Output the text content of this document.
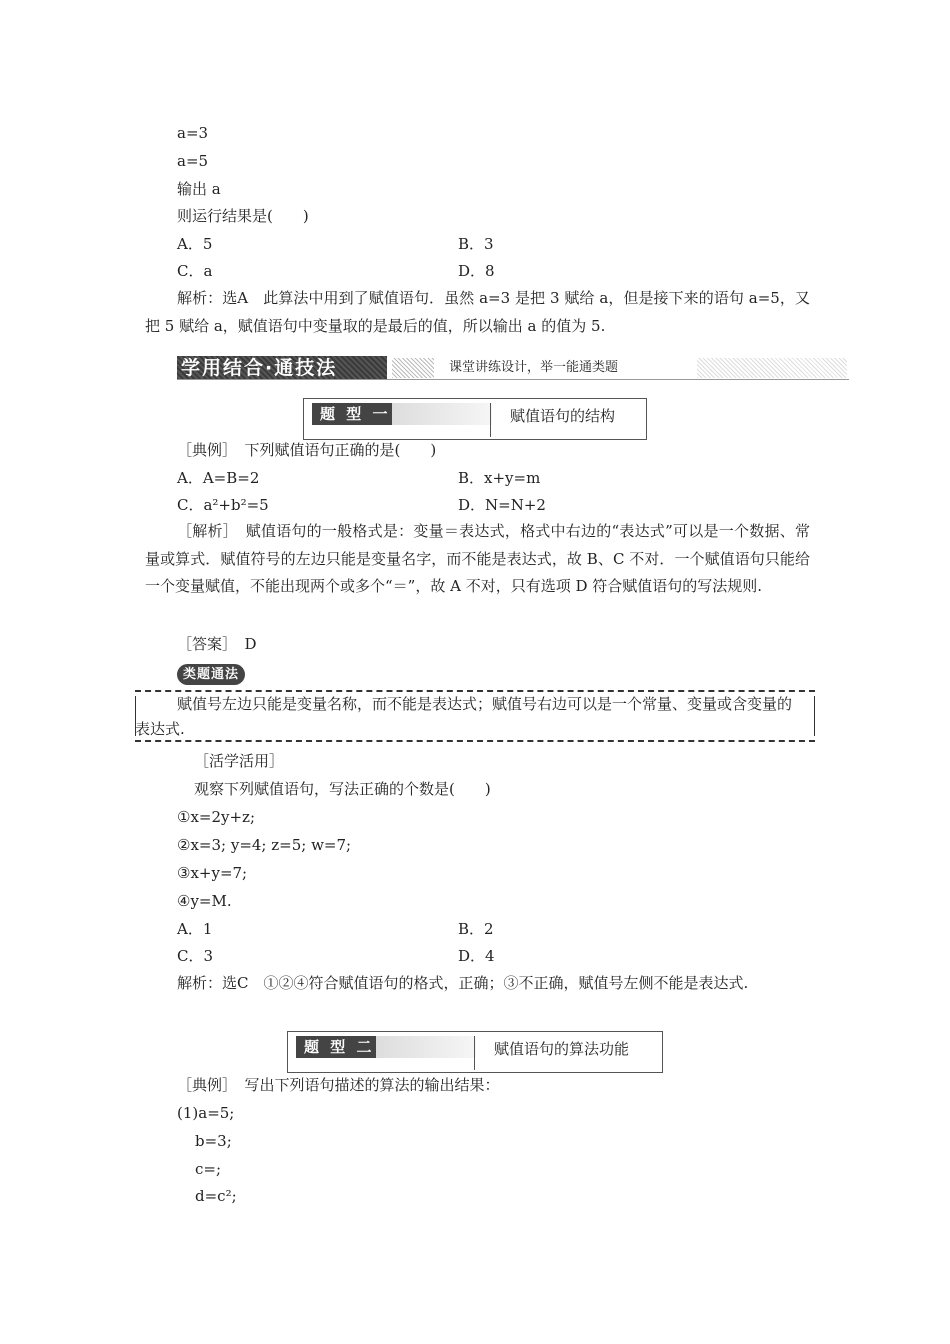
a=3
a=5
输出 a
则运行结果是(　　)
A．5	B．3
C．a	D．8
解析：选A　此算法中用到了赋值语句．虽然 a=3 是把 3 赋给 a，但是接下来的语句 a=5，又把 5 赋给 a，赋值语句中变量取的是最后的值，所以输出 a 的值为 5.
学用结合·通技法	课堂讲练设计，举一能通类题
题 型 一	赋值语句的结构
［典例］　下列赋值语句正确的是(　　)
A．A=B=2	B．x+y=m
C．a²+b²=5	D．N=N+2
［解析］　赋值语句的一般格式是：变量＝表达式，格式中右边的“表达式”可以是一个数据、常量或算式．赋值符号的左边只能是变量名字，而不能是表达式，故 B、C 不对．一个赋值语句只能给一个变量赋值，不能出现两个或多个“＝”，故 A 不对，只有选项 D 符合赋值语句的写法规则.
［答案］　D
类题通法
赋值号左边只能是变量名称，而不能是表达式；赋值号右边可以是一个常量、变量或含变量的表达式.
［活学活用］
观察下列赋值语句，写法正确的个数是(　　)
①x=2y+z;
②x=3; y=4; z=5; w=7;
③x+y=7;
④y=M.
A．1	B．2
C．3	D．4
解析：选C　①②④符合赋值语句的格式，正确；③不正确，赋值号左侧不能是表达式.
题 型 二	赋值语句的算法功能
［典例］　写出下列语句描述的算法的输出结果：
(1)a=5;
b=3;
c=;
d=c²;
